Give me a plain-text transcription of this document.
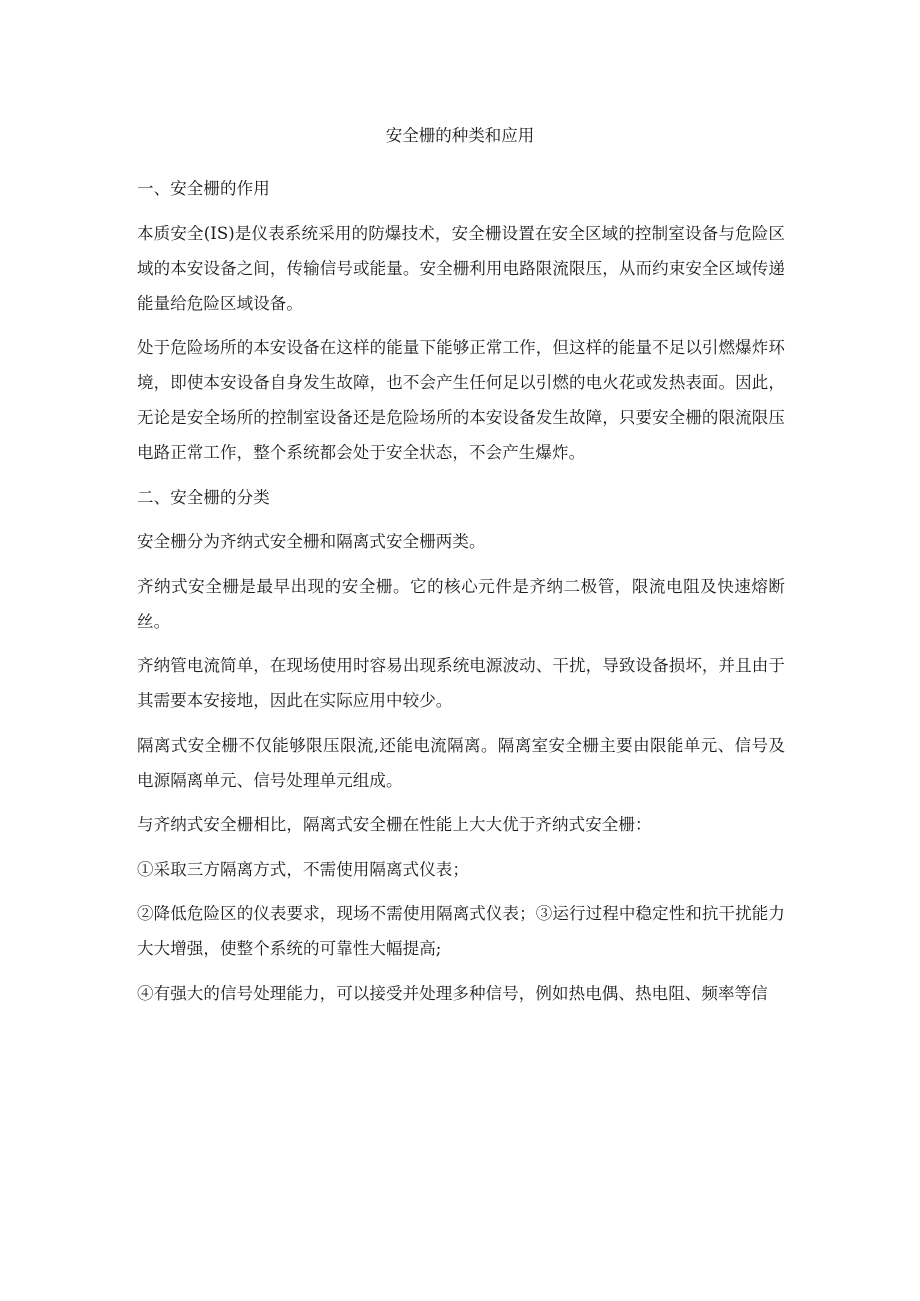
安全栅的种类和应用

一、安全栅的作用

本质安全(IS)是仪表系统采用的防爆技术，安全栅设置在安全区域的控制室设备与危险区域的本安设备之间，传输信号或能量。安全栅利用电路限流限压，从而约束安全区域传递能量给危险区域设备。

处于危险场所的本安设备在这样的能量下能够正常工作，但这样的能量不足以引燃爆炸环境，即使本安设备自身发生故障，也不会产生任何足以引燃的电火花或发热表面。因此，无论是安全场所的控制室设备还是危险场所的本安设备发生故障，只要安全栅的限流限压电路正常工作，整个系统都会处于安全状态，不会产生爆炸。

二、安全栅的分类

安全栅分为齐纳式安全栅和隔离式安全栅两类。

齐纳式安全栅是最早出现的安全栅。它的核心元件是齐纳二极管，限流电阻及快速熔断丝。

齐纳管电流简单，在现场使用时容易出现系统电源波动、干扰，导致设备损坏，并且由于其需要本安接地，因此在实际应用中较少。

隔离式安全栅不仅能够限压限流,还能电流隔离。隔离室安全栅主要由限能单元、信号及电源隔离单元、信号处理单元组成。

与齐纳式安全栅相比，隔离式安全栅在性能上大大优于齐纳式安全栅：

①采取三方隔离方式，不需使用隔离式仪表；

②降低危险区的仪表要求，现场不需使用隔离式仪表；③运行过程中稳定性和抗干扰能力大大增强，使整个系统的可靠性大幅提高;

④有强大的信号处理能力，可以接受并处理多种信号，例如热电偶、热电阻、频率等信
